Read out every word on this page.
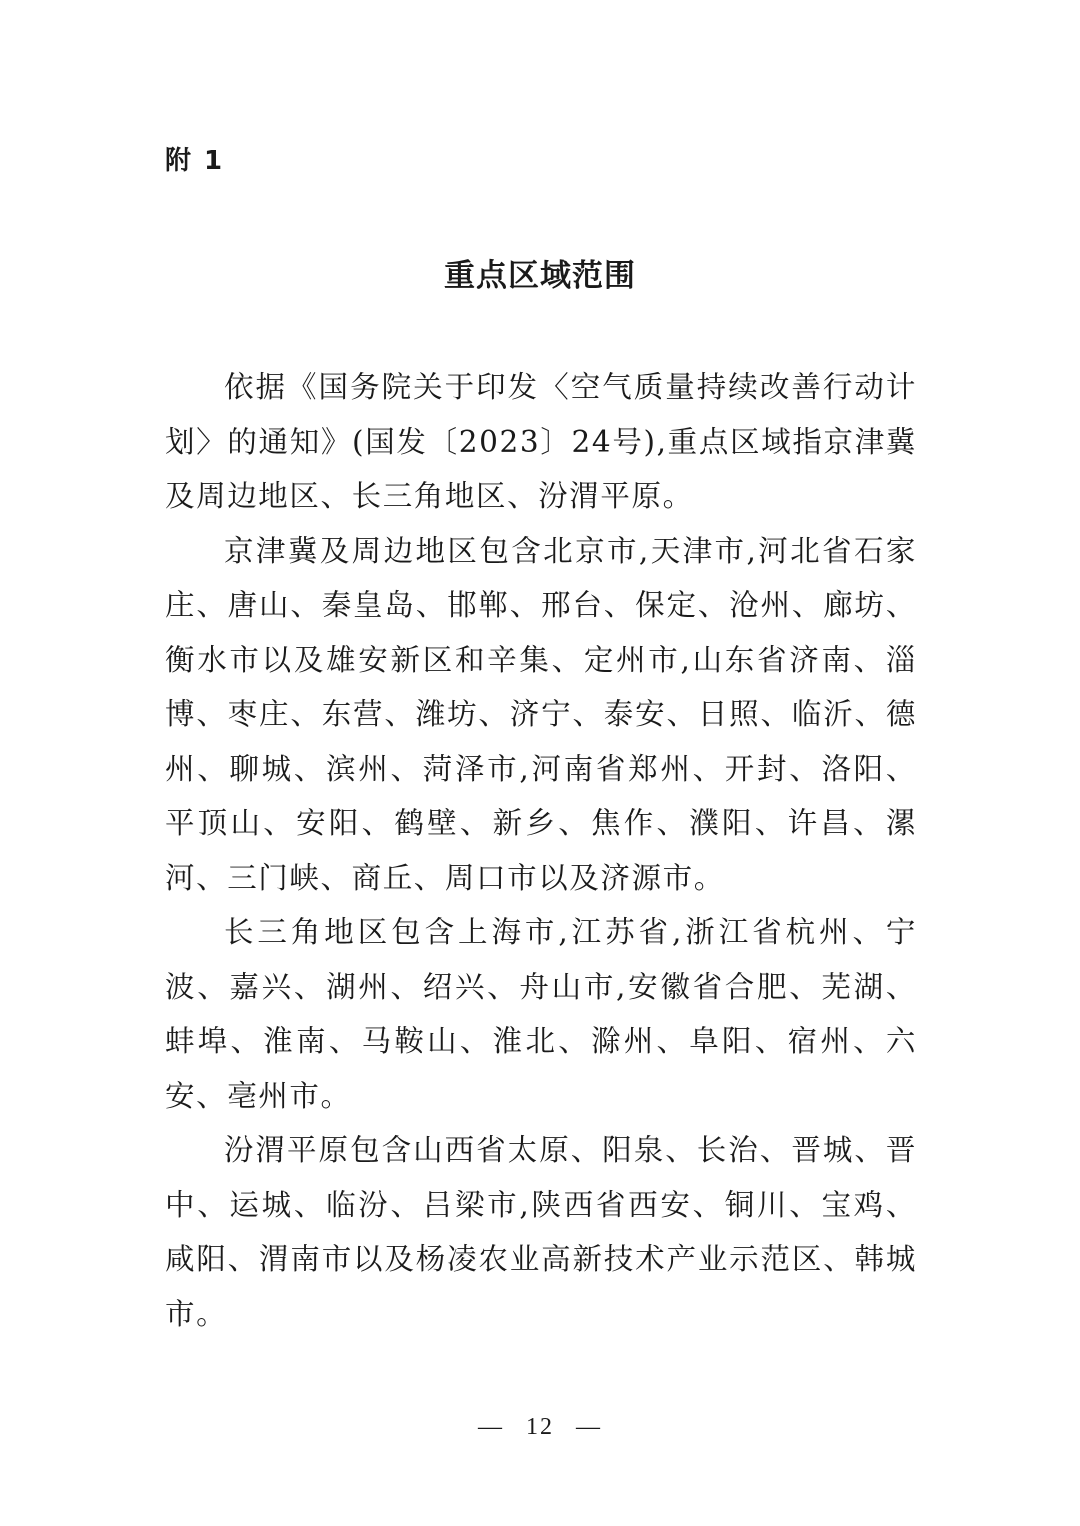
附 1
重点区域范围

依据《国务院关于印发〈空气质量持续改善行动计划〉的通知》(国发〔2023〕24号),重点区域指京津冀及周边地区、长三角地区、汾渭平原。

京津冀及周边地区包含北京市,天津市,河北省石家庄、唐山、秦皇岛、邯郸、邢台、保定、沧州、廊坊、衡水市以及雄安新区和辛集、定州市,山东省济南、淄博、枣庄、东营、潍坊、济宁、泰安、日照、临沂、德州、聊城、滨州、菏泽市,河南省郑州、开封、洛阳、平顶山、安阳、鹤壁、新乡、焦作、濮阳、许昌、漯河、三门峡、商丘、周口市以及济源市。

长三角地区包含上海市,江苏省,浙江省杭州、宁波、嘉兴、湖州、绍兴、舟山市,安徽省合肥、芜湖、蚌埠、淮南、马鞍山、淮北、滁州、阜阳、宿州、六安、亳州市。

汾渭平原包含山西省太原、阳泉、长治、晋城、晋中、运城、临汾、吕梁市,陕西省西安、铜川、宝鸡、咸阳、渭南市以及杨凌农业高新技术产业示范区、韩城市。

— 12 —
